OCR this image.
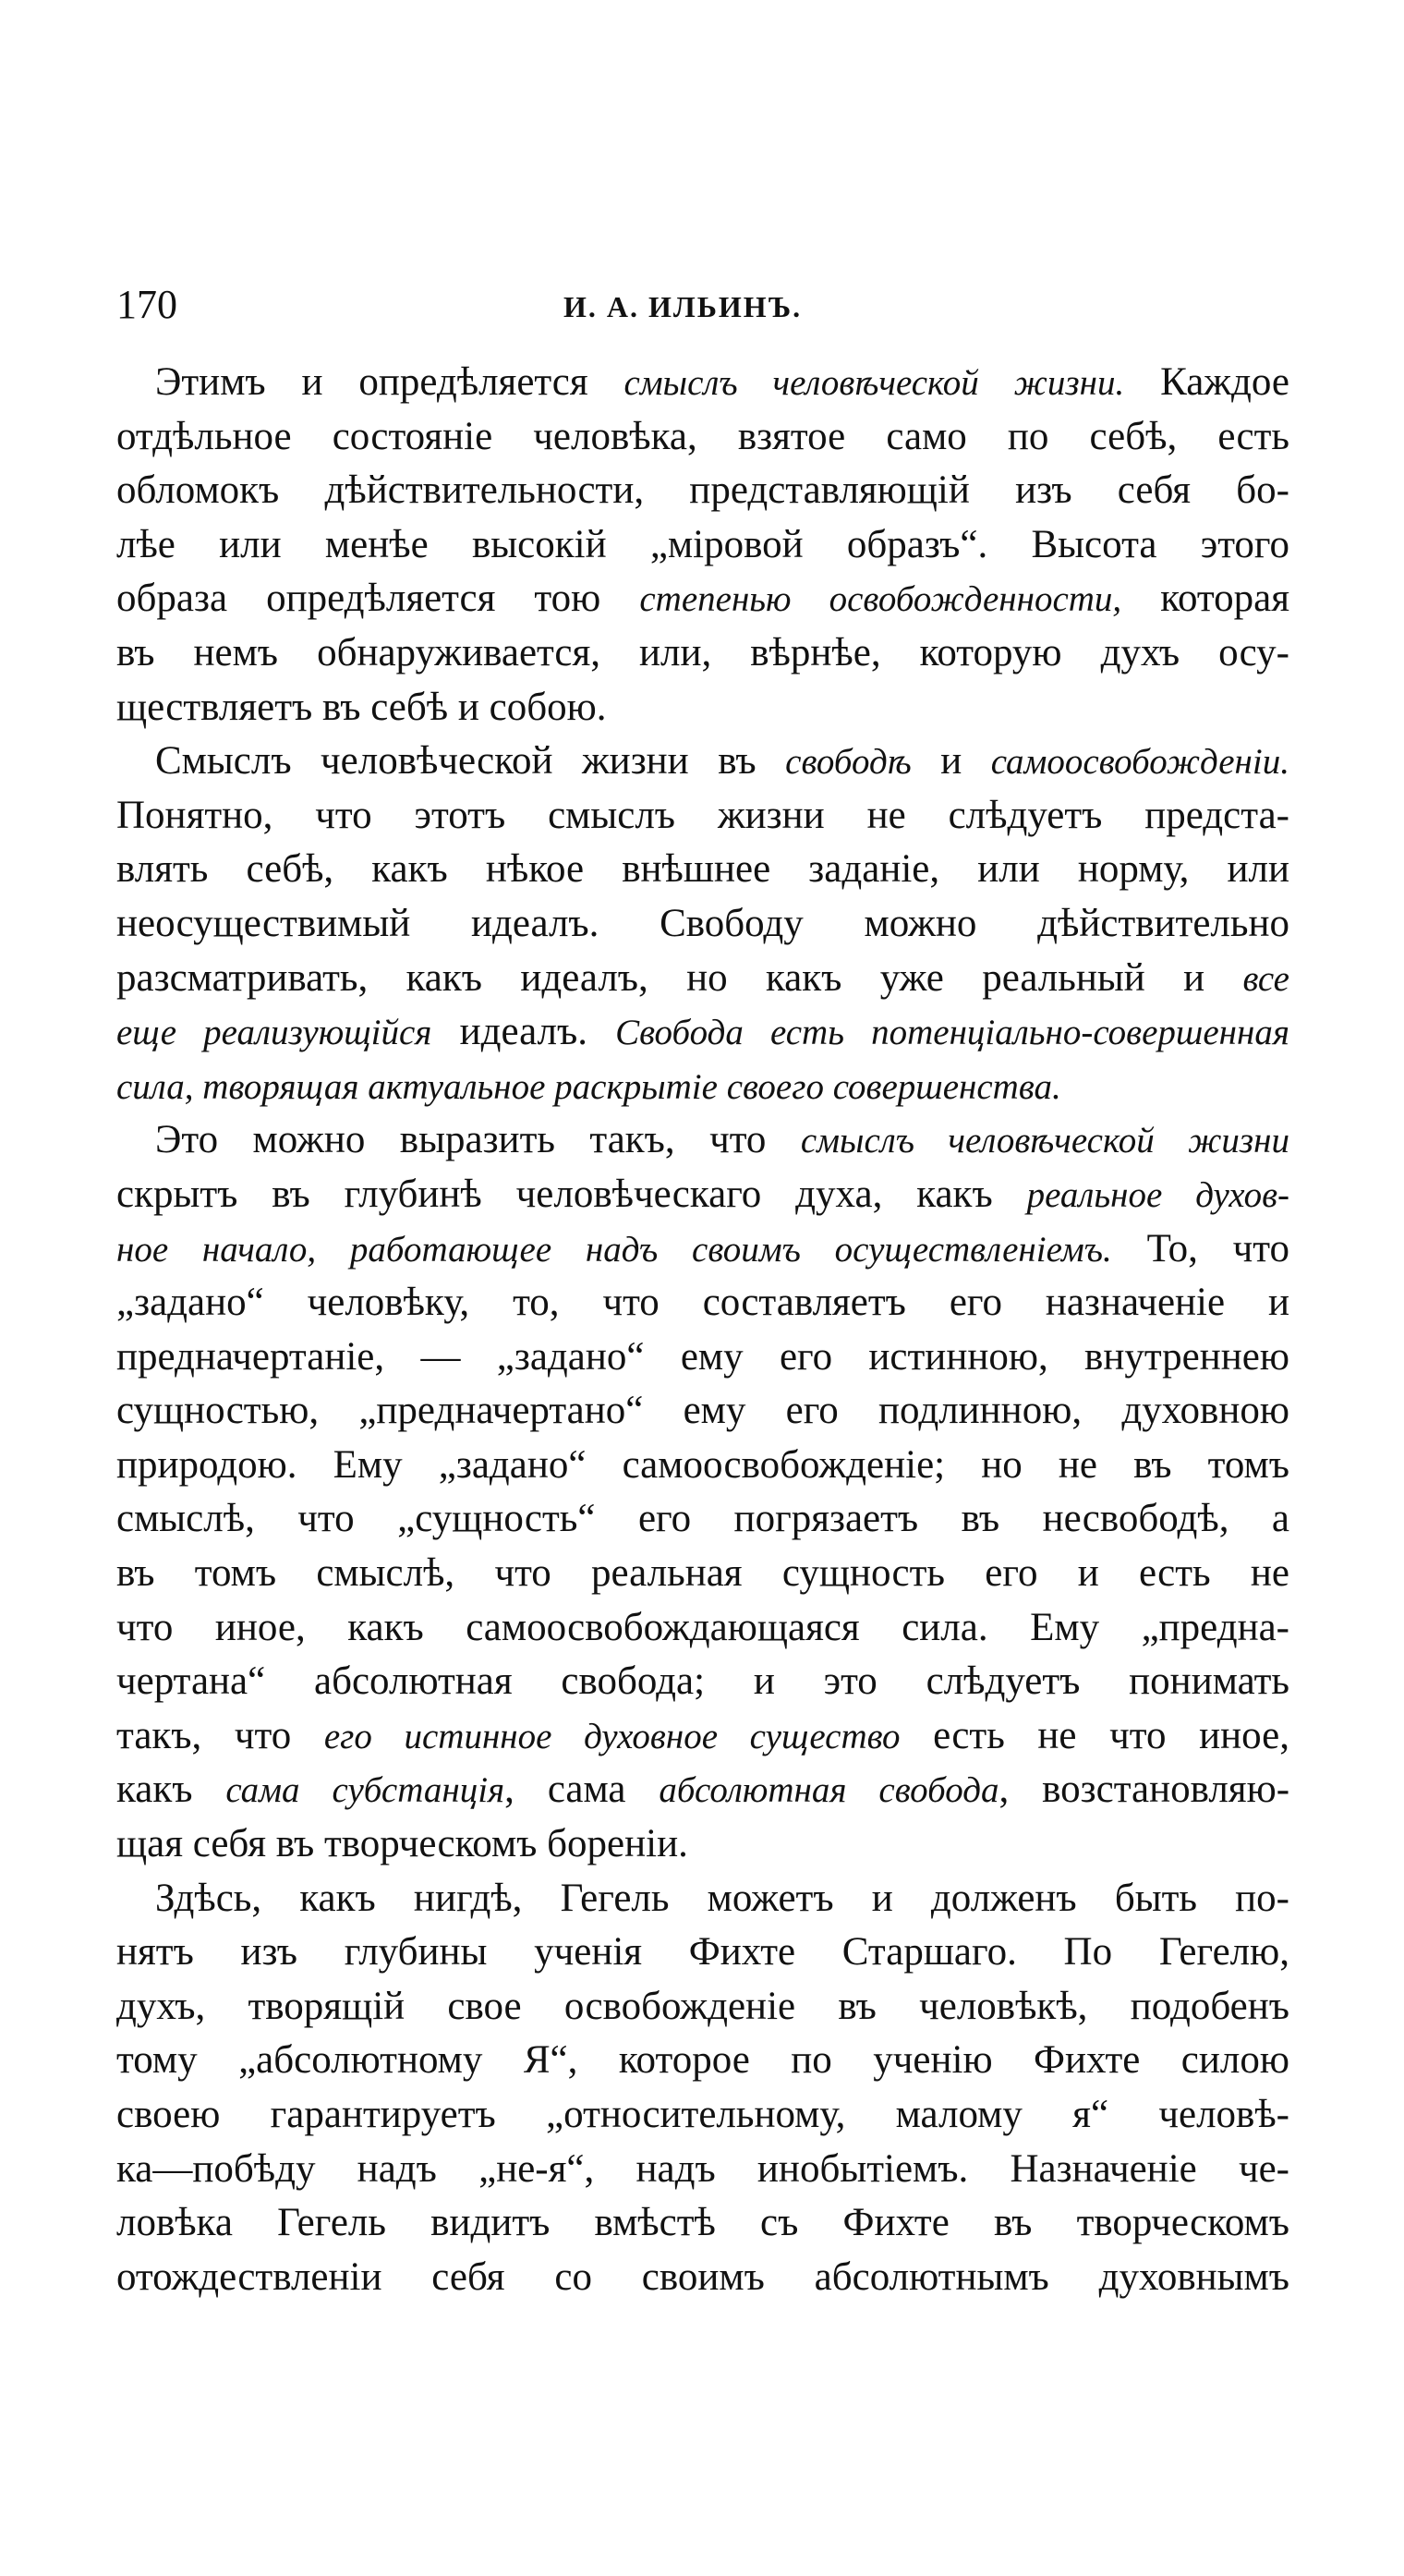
170	И. А. ИЛЬИНЪ.
Этимъ и опредѣляется смыслъ человѣческой жизни. Каждое
отдѣльное состоянiе человѣка, взятое само по себѣ, есть
обломокъ дѣйствительности, представляющiй изъ себя бо-
лѣе или менѣе высокiй „мiровой образъ“. Высота этого
образа опредѣляется тою степенью освобожденности, которая
въ немъ обнаруживается, или, вѣрнѣе, которую духъ осу-
ществляетъ въ себѣ и собою.
Смыслъ человѣческой жизни въ свободѣ и самоосвобожденiи.
Понятно, что этотъ смыслъ жизни не слѣдуетъ предста-
влять себѣ, какъ нѣкое внѣшнее заданiе, или норму, или
неосуществимый идеалъ. Свободу можно дѣйствительно
разсматривать, какъ идеалъ, но какъ уже реальный и все
еще реализующiйся идеалъ. Свобода есть потенцiально-совершенная
сила, творящая актуальное раскрытiе своего совершенства.
Это можно выразить такъ, что смыслъ человѣческой жизни
скрытъ въ глубинѣ человѣческаго духа, какъ реальное духов-
ное начало, работающее надъ своимъ осуществленiемъ. То, что
„задано“ человѣку, то, что составляетъ его назначенiе и
предначертанiе, — „задано“ ему его истинною, внутреннею
сущностью, „предначертано“ ему его подлинною, духовною
природою. Ему „задано“ самоосвобожденiе; но не въ томъ
смыслѣ, что „сущность“ его погрязаетъ въ несвободѣ, а
въ томъ смыслѣ, что реальная сущность его и есть не
что иное, какъ самоосвобождающаяся сила. Ему „предна-
чертана“ абсолютная свобода; и это слѣдуетъ понимать
такъ, что его истинное духовное существо есть не что иное,
какъ сама субстанцiя, сама абсолютная свобода, возстановляю-
щая себя въ творческомъ боренiи.
Здѣсь, какъ нигдѣ, Гегель можетъ и долженъ быть по-
нятъ изъ глубины ученiя Фихте Старшаго. По Гегелю,
духъ, творящiй свое освобожденiе въ человѣкѣ, подобенъ
тому „абсолютному Я“, которое по ученiю Фихте силою
своею гарантируетъ „относительному, малому я“ человѣ-
ка—побѣду надъ „не-я“, надъ инобытiемъ. Назначенiе че-
ловѣка Гегель видитъ вмѣстѣ съ Фихте въ творческомъ
отождествленiи себя со своимъ абсолютнымъ духовнымъ
